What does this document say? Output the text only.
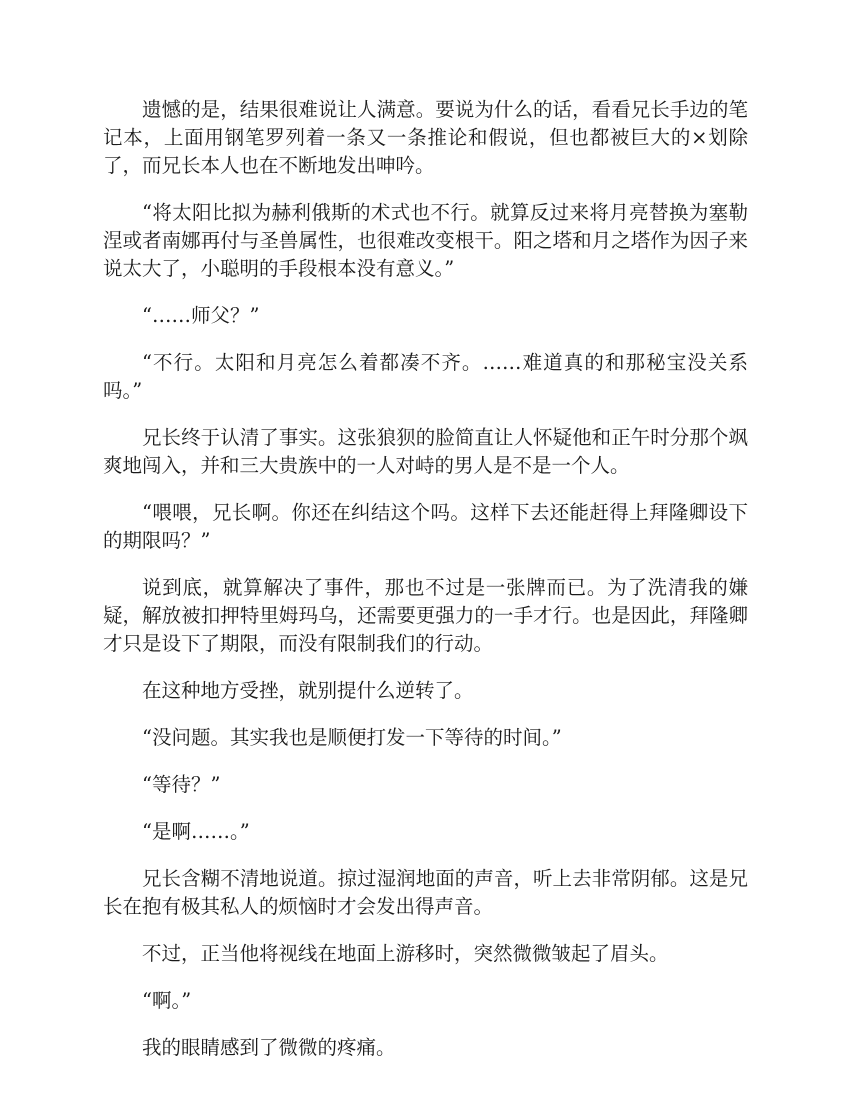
遗憾的是，结果很难说让人满意。要说为什么的话，看看兄长手边的笔记本，上面用钢笔罗列着一条又一条推论和假说，但也都被巨大的×划除了，而兄长本人也在不断地发出呻吟。

“将太阳比拟为赫利俄斯的术式也不行。就算反过来将月亮替换为塞勒涅或者南娜再付与圣兽属性，也很难改变根干。阳之塔和月之塔作为因子来说太大了，小聪明的手段根本没有意义。”

“……师父？”

“不行。太阳和月亮怎么着都凑不齐。……难道真的和那秘宝没关系吗。”

兄长终于认清了事实。这张狼狈的脸简直让人怀疑他和正午时分那个飒爽地闯入，并和三大贵族中的一人对峙的男人是不是一个人。

“喂喂，兄长啊。你还在纠结这个吗。这样下去还能赶得上拜隆卿设下的期限吗？”

说到底，就算解决了事件，那也不过是一张牌而已。为了洗清我的嫌疑，解放被扣押特里姆玛乌，还需要更强力的一手才行。也是因此，拜隆卿才只是设下了期限，而没有限制我们的行动。

在这种地方受挫，就别提什么逆转了。

“没问题。其实我也是顺便打发一下等待的时间。”

“等待？”

“是啊……。”

兄长含糊不清地说道。掠过湿润地面的声音，听上去非常阴郁。这是兄长在抱有极其私人的烦恼时才会发出得声音。

不过，正当他将视线在地面上游移时，突然微微皱起了眉头。

“啊。”

我的眼睛感到了微微的疼痛。
